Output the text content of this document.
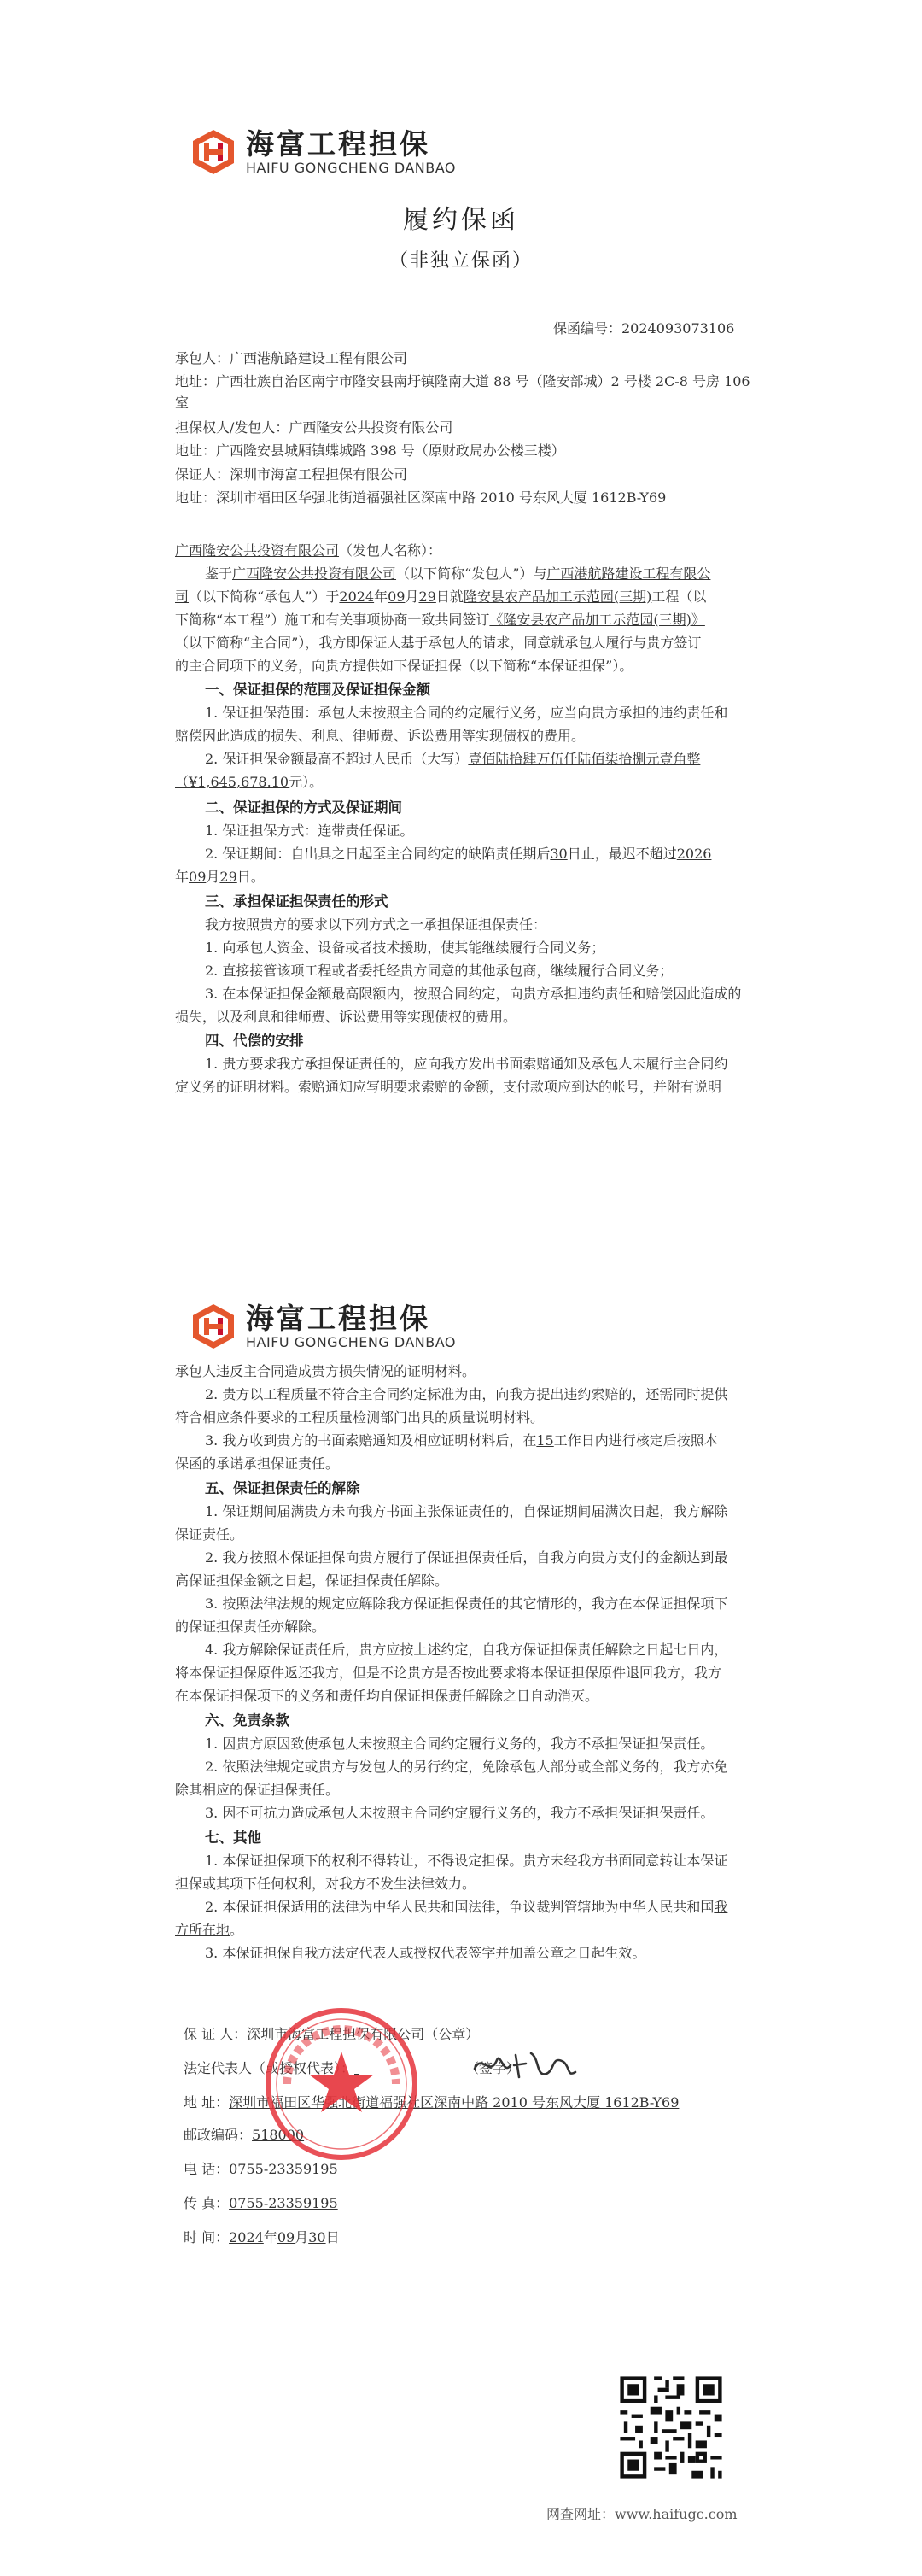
海富工程担保
HAIFU GONGCHENG DANBAO
履约保函
（非独立保函）
保函编号：2024093073106
承包人：广西港航路建设工程有限公司
地址：广西壮族自治区南宁市隆安县南圩镇隆南大道 88 号（隆安部城）2 号楼 2C-8 号房 106
室
担保权人/发包人：广西隆安公共投资有限公司
地址：广西隆安县城厢镇蝶城路 398 号（原财政局办公楼三楼）
保证人：深圳市海富工程担保有限公司
地址：深圳市福田区华强北街道福强社区深南中路 2010 号东风大厦 1612B-Y69
广西隆安公共投资有限公司（发包人名称）：
鉴于广西隆安公共投资有限公司（以下简称“发包人”）与广西港航路建设工程有限公
司（以下简称“承包人”）于2024年09月29日就隆安县农产品加工示范园(三期)工程（以
下简称“本工程”）施工和有关事项协商一致共同签订《隆安县农产品加工示范园(三期)》
（以下简称“主合同”），我方即保证人基于承包人的请求，同意就承包人履行与贵方签订
的主合同项下的义务，向贵方提供如下保证担保（以下简称“本保证担保”）。
一、保证担保的范围及保证担保金额
1. 保证担保范围：承包人未按照主合同的约定履行义务，应当向贵方承担的违约责任和
赔偿因此造成的损失、利息、律师费、诉讼费用等实现债权的费用。
2. 保证担保金额最高不超过人民币（大写）壹佰陆拾肆万伍仟陆佰柒拾捌元壹角整
（¥1,645,678.10元）。
二、保证担保的方式及保证期间
1. 保证担保方式：连带责任保证。
2. 保证期间：自出具之日起至主合同约定的缺陷责任期后30日止，最迟不超过2026
年09月29日。
三、承担保证担保责任的形式
我方按照贵方的要求以下列方式之一承担保证担保责任：
1. 向承包人资金、设备或者技术援助，使其能继续履行合同义务；
2. 直接接管该项工程或者委托经贵方同意的其他承包商，继续履行合同义务；
3. 在本保证担保金额最高限额内，按照合同约定，向贵方承担违约责任和赔偿因此造成的
损失，以及利息和律师费、诉讼费用等实现债权的费用。
四、代偿的安排
1. 贵方要求我方承担保证责任的，应向我方发出书面索赔通知及承包人未履行主合同约
定义务的证明材料。索赔通知应写明要求索赔的金额，支付款项应到达的帐号，并附有说明
海富工程担保
HAIFU GONGCHENG DANBAO
承包人违反主合同造成贵方损失情况的证明材料。
2. 贵方以工程质量不符合主合同约定标准为由，向我方提出违约索赔的，还需同时提供
符合相应条件要求的工程质量检测部门出具的质量说明材料。
3. 我方收到贵方的书面索赔通知及相应证明材料后，在15工作日内进行核定后按照本
保函的承诺承担保证责任。
五、保证担保责任的解除
1. 保证期间届满贵方未向我方书面主张保证责任的，自保证期间届满次日起，我方解除
保证责任。
2. 我方按照本保证担保向贵方履行了保证担保责任后，自我方向贵方支付的金额达到最
高保证担保金额之日起，保证担保责任解除。
3. 按照法律法规的规定应解除我方保证担保责任的其它情形的，我方在本保证担保项下
的保证担保责任亦解除。
4. 我方解除保证责任后，贵方应按上述约定，自我方保证担保责任解除之日起七日内，
将本保证担保原件返还我方，但是不论贵方是否按此要求将本保证担保原件退回我方，我方
在本保证担保项下的义务和责任均自保证担保责任解除之日自动消灭。
六、免责条款
1. 因贵方原因致使承包人未按照主合同约定履行义务的，我方不承担保证担保责任。
2. 依照法律规定或贵方与发包人的另行约定，免除承包人部分或全部义务的，我方亦免
除其相应的保证担保责任。
3. 因不可抗力造成承包人未按照主合同约定履行义务的，我方不承担保证担保责任。
七、其他
1. 本保证担保项下的权利不得转让，不得设定担保。贵方未经我方书面同意转让本保证
担保或其项下任何权利，对我方不发生法律效力。
2. 本保证担保适用的法律为中华人民共和国法律，争议裁判管辖地为中华人民共和国我
方所在地。
3. 本保证担保自我方法定代表人或授权代表签字并加盖公章之日起生效。
保 证 人：深圳市海富工程担保有限公司（公章）
法定代表人（或授权代表）：	（签字）
地 址：深圳市福田区华强北街道福强社区深南中路 2010 号东风大厦 1612B-Y69
邮政编码：518000
电 话：0755-23359195
传 真：0755-23359195
时 间：2024年09月30日
网查网址：www.haifugc.com
